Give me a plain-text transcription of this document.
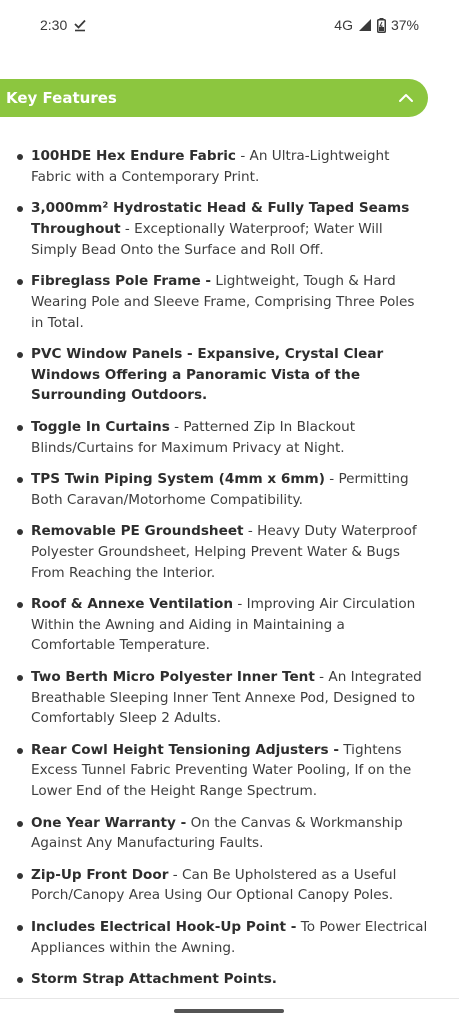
2:30	4G	37%
Key Features
100HDE Hex Endure Fabric - An Ultra-Lightweight Fabric with a Contemporary Print.
3,000mm² Hydrostatic Head & Fully Taped Seams Throughout - Exceptionally Waterproof; Water Will Simply Bead Onto the Surface and Roll Off.
Fibreglass Pole Frame - Lightweight, Tough & Hard Wearing Pole and Sleeve Frame, Comprising Three Poles in Total.
PVC Window Panels - Expansive, Crystal Clear Windows Offering a Panoramic Vista of the Surrounding Outdoors.
Toggle In Curtains - Patterned Zip In Blackout Blinds/Curtains for Maximum Privacy at Night.
TPS Twin Piping System (4mm x 6mm) - Permitting Both Caravan/Motorhome Compatibility.
Removable PE Groundsheet - Heavy Duty Waterproof Polyester Groundsheet, Helping Prevent Water & Bugs From Reaching the Interior.
Roof & Annexe Ventilation - Improving Air Circulation Within the Awning and Aiding in Maintaining a Comfortable Temperature.
Two Berth Micro Polyester Inner Tent - An Integrated Breathable Sleeping Inner Tent Annexe Pod, Designed to Comfortably Sleep 2 Adults.
Rear Cowl Height Tensioning Adjusters - Tightens Excess Tunnel Fabric Preventing Water Pooling, If on the Lower End of the Height Range Spectrum.
One Year Warranty - On the Canvas & Workmanship Against Any Manufacturing Faults.
Zip-Up Front Door - Can Be Upholstered as a Useful Porch/Canopy Area Using Our Optional Canopy Poles.
Includes Electrical Hook-Up Point - To Power Electrical Appliances within the Awning.
Storm Strap Attachment Points.
